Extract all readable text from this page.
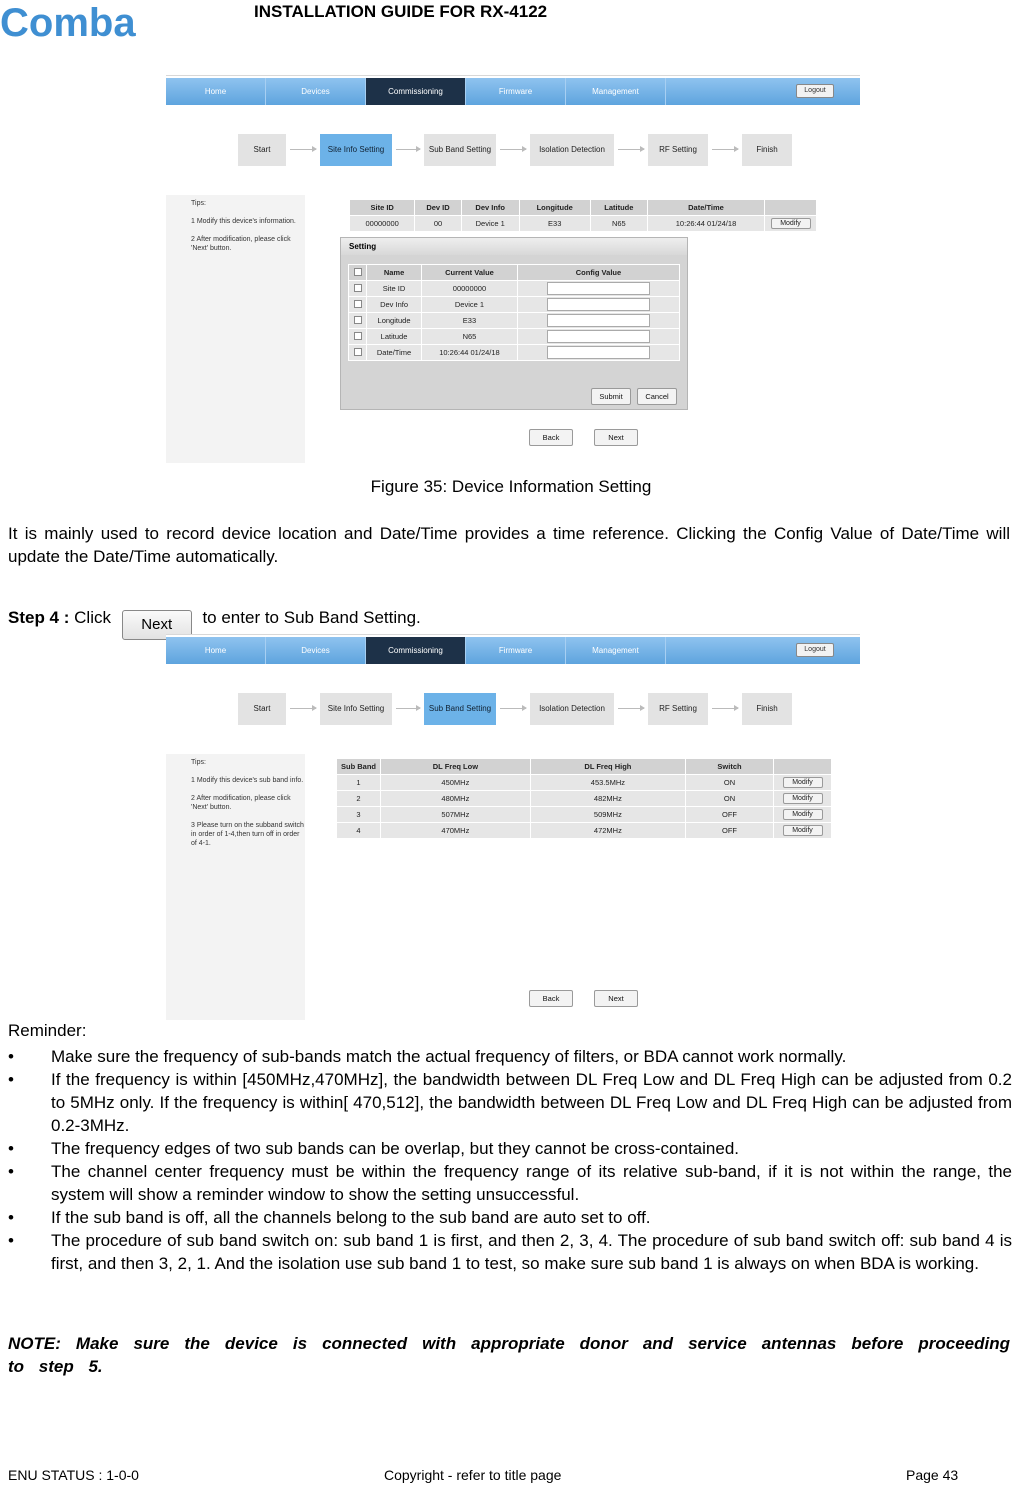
Comba	INSTALLATION GUIDE FOR RX-4122
Home	Devices	Commissioning	Firmware	Management	Logout
Start	Site Info Setting	Sub Band Setting	Isolation Detection	RF Setting	Finish

Tips:

1 Modify this device's information.

2 After modification, please click 'Next' button.

Site ID	Dev ID	Dev Info	Longitude	Latitude	Date/Time	
00000000	00	Device 1	E33	N65	10:26:44 01/24/18	Modify
Setting
	Name	Current Value	Config Value
	Site ID	00000000	

	Dev Info	Device 1	

	Longitude	E33	

	Latitude	N65	

	Date/Time	10:26:44 01/24/18	
Submit	Cancel
Back	Next
Figure 35: Device Information Setting
It is mainly used to record device location and Date/Time provides a time reference. Clicking the Config Value of Date/Time will update the Date/Time automatically.
Step 4 : Click Next to enter to Sub Band Setting.
Home	Devices	Commissioning	Firmware	Management	Logout
Start	Site Info Setting	Sub Band Setting	Isolation Detection	RF Setting	Finish

Tips:

1 Modify this device's sub band info.

2 After modification, please click 'Next' button.

3 Please turn on the subband switch in order of 1-4,then turn off in order of 4-1.

Sub Band	DL Freq Low	DL Freq High	Switch	
1	450MHz	453.5MHz	ON	Modify
2	480MHz	482MHz	ON	Modify
3	507MHz	509MHz	OFF	Modify
4	470MHz	472MHz	OFF	Modify
Back	Next
Reminder:
• Make sure the frequency of sub-bands match the actual frequency of filters, or BDA cannot work normally.
• If the frequency is within [450MHz,470MHz], the bandwidth between DL Freq Low and DL Freq High can be adjusted from 0.2 to 5MHz only. If the frequency is within[ 470,512], the bandwidth between DL Freq Low and DL Freq High can be adjusted from 0.2-3MHz.
• The frequency edges of two sub bands can be overlap, but they cannot be cross-contained.
• The channel center frequency must be within the frequency range of its relative sub-band, if it is not within the range, the system will show a reminder window to show the setting unsuccessful.
• If the sub band is off, all the channels belong to the sub band are auto set to off.
• The procedure of sub band switch on: sub band 1 is first, and then 2, 3, 4. The procedure of sub band switch off: sub band 4 is first, and then 3, 2, 1. And the isolation use sub band 1 to test, so make sure sub band 1 is always on when BDA is working.
NOTE: Make sure the device is connected with appropriate donor and service antennas before proceeding to step 5.
ENU STATUS : 1-0-0	Copyright - refer to title page	Page 43
